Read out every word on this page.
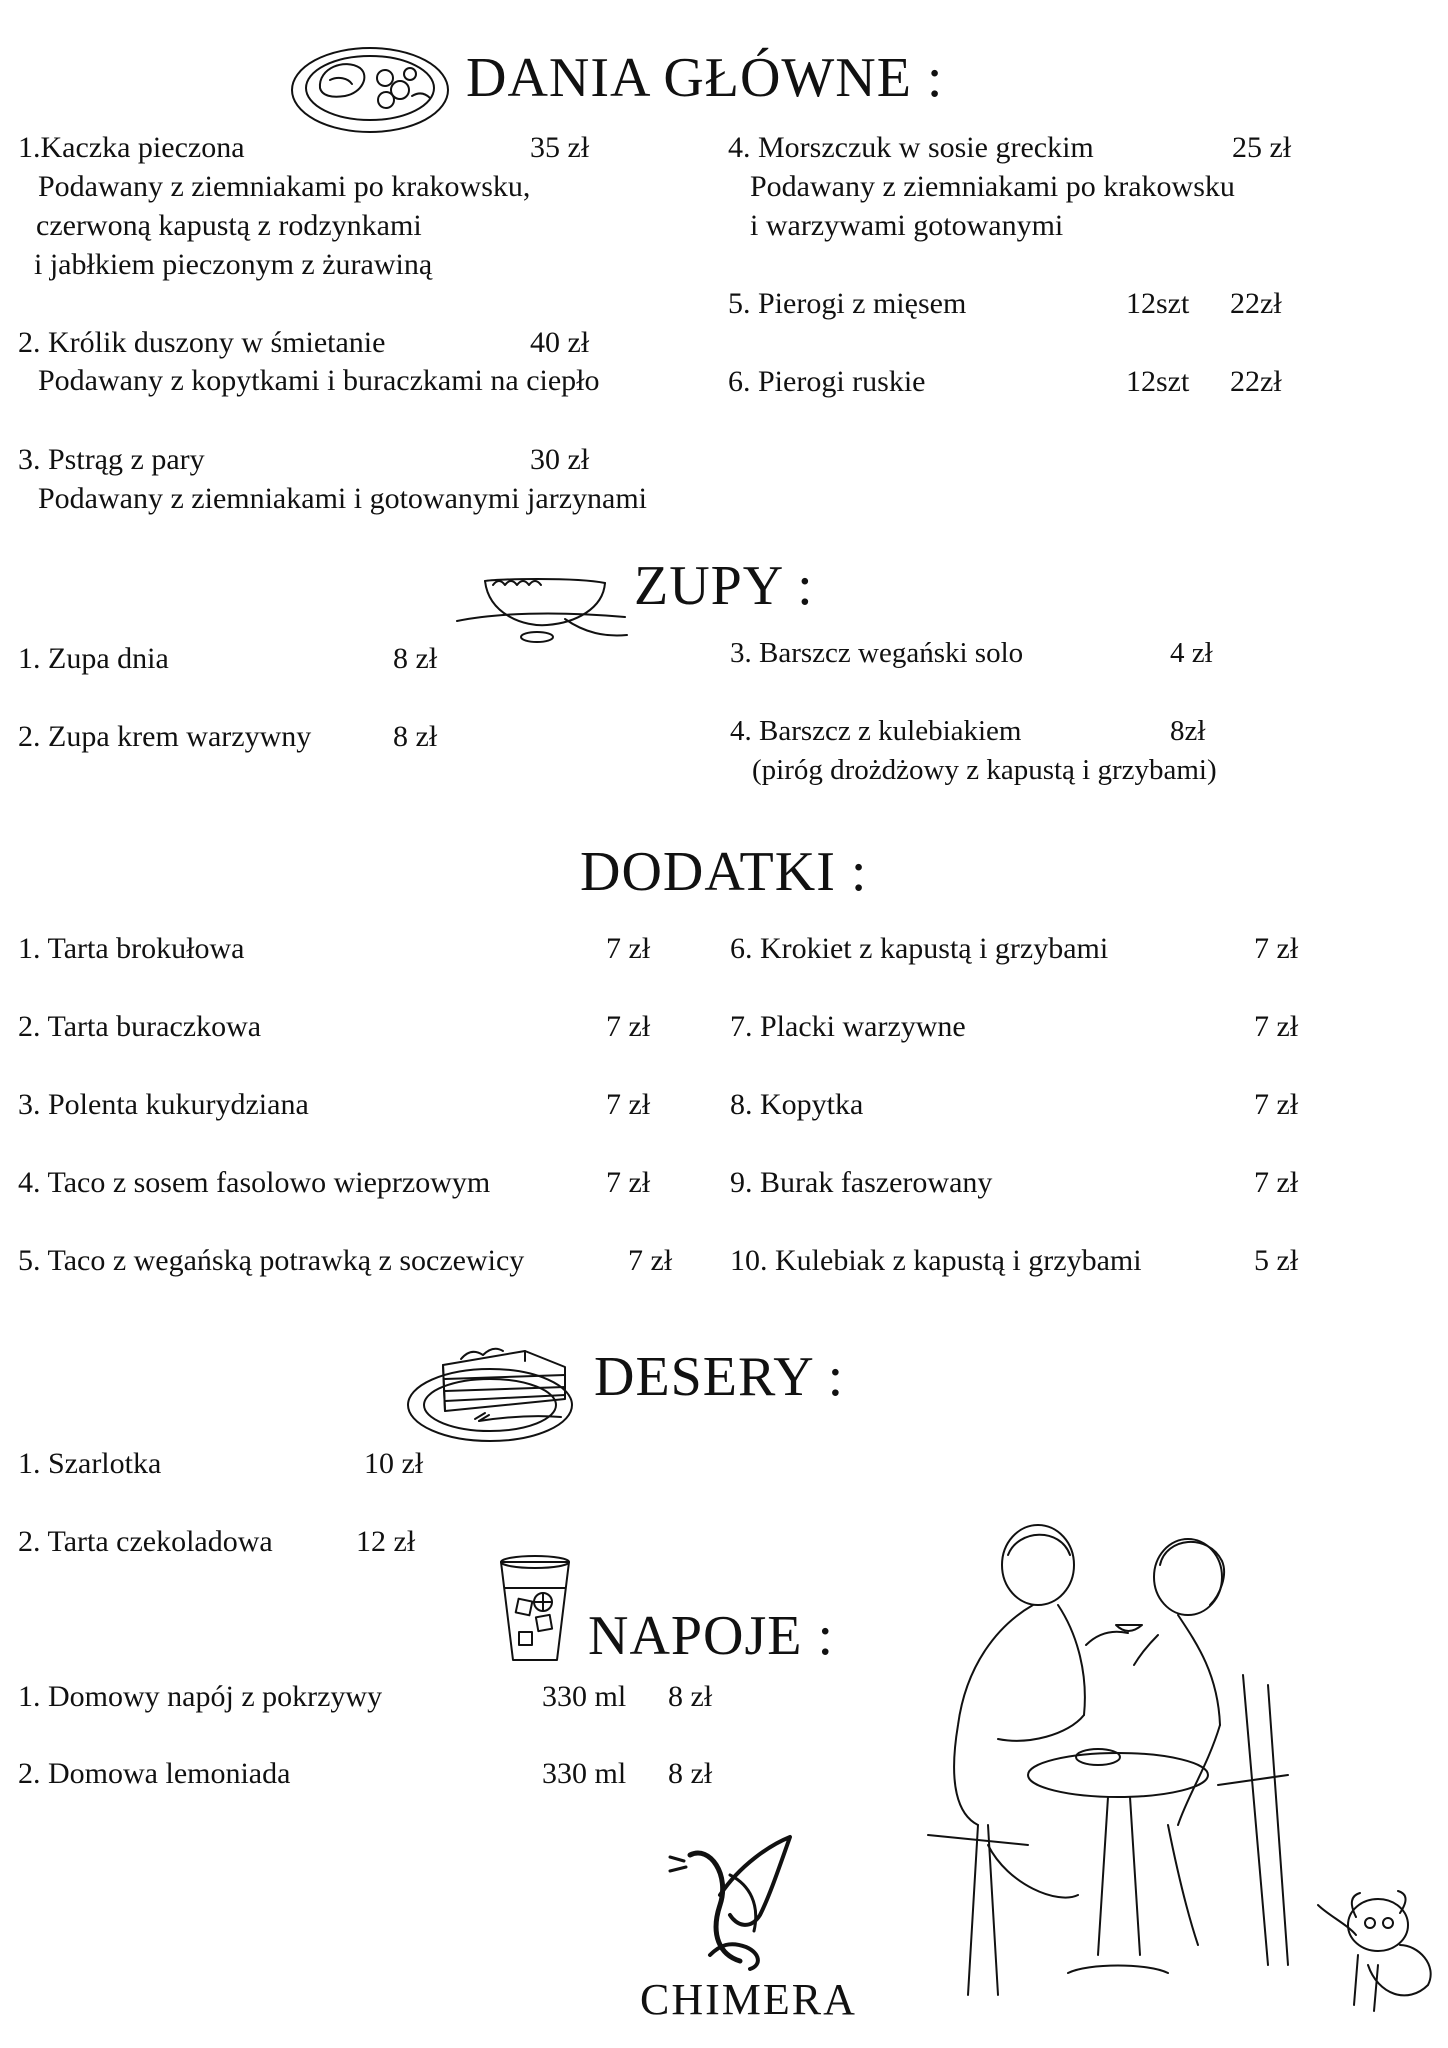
DANIA GŁÓWNE :
1.Kaczka pieczona	35 zł
Podawany z ziemniakami po krakowsku,
czerwoną kapustą z rodzynkami
i jabłkiem pieczonym z żurawiną
2. Królik duszony w śmietanie	40 zł
Podawany z kopytkami i buraczkami na ciepło
3. Pstrąg z pary	30 zł
Podawany z ziemniakami i gotowanymi jarzynami
4. Morszczuk w sosie greckim	25 zł
Podawany z ziemniakami po krakowsku
i warzywami gotowanymi
5. Pierogi z mięsem	12szt 22zł
6. Pierogi ruskie	12szt 22zł
ZUPY :
1. Zupa dnia	8 zł
2. Zupa krem warzywny	8 zł
3. Barszcz wegański solo	4 zł
4. Barszcz z kulebiakiem	8zł
(piróg drożdżowy z kapustą i grzybami)
DODATKI :
1. Tarta brokułowa	7 zł
2. Tarta buraczkowa	7 zł
3. Polenta kukurydziana	7 zł
4. Taco z sosem fasolowo wieprzowym	7 zł
5. Taco z wegańską potrawką z soczewicy	7 zł
6. Krokiet z kapustą i grzybami	7 zł
7. Placki warzywne	7 zł
8. Kopytka	7 zł
9. Burak faszerowany	7 zł
10. Kulebiak z kapustą i grzybami	5 zł
DESERY :
1. Szarlotka	10 zł
2. Tarta czekoladowa	12 zł
NAPOJE :
1. Domowy napój z pokrzywy	330 ml 8 zł
2. Domowa lemoniada	330 ml 8 zł
CHIMERA
